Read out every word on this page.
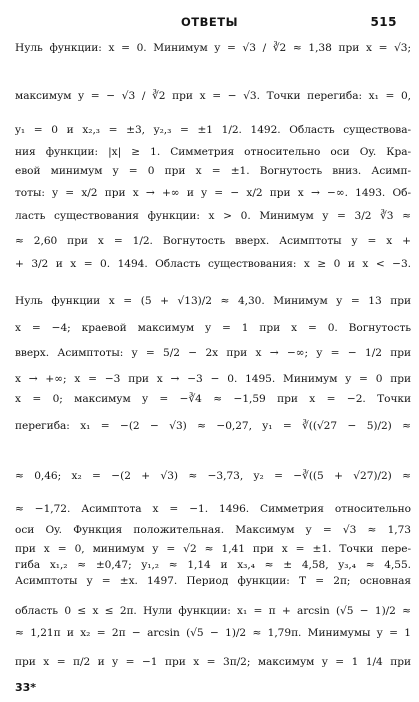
ОТВЕТЫ	515
Нуль функции: x = 0. Минимум y = √3 / ∛2 ≈ 1,38 при x = √3;
максимум y = − √3 / ∛2 при x = − √3. Точки перегиба: x₁ = 0,
y₁ = 0 и x₂,₃ = ±3, y₂,₃ = ±1 1/2. 1492. Область существова-
ния функции: |x| ≥ 1. Симметрия относительно оси Oy. Кра-
евой минимум y = 0 при x = ±1. Вогнутость вниз. Асимп-
тоты: y = x/2 при x → +∞ и y = − x/2 при x → −∞. 1493. Об-
ласть существования функции: x > 0. Минимум y = 3/2 ∛3 ≈
≈ 2,60 при x = 1/2. Вогнутость вверх. Асимптоты y = x +
+ 3/2 и x = 0. 1494. Область существования: x ≥ 0 и x < −3.
Нуль функции x = (5 + √13)/2 ≈ 4,30. Минимум y = 13 при
x = −4; краевой максимум y = 1 при x = 0. Вогнутость
вверх. Асимптоты: y = 5/2 − 2x при x → −∞; y = − 1/2 при
x → +∞; x = −3 при x → −3 − 0. 1495. Минимум y = 0 при
x = 0; максимум y = −∛4 ≈ −1,59 при x = −2. Точки
перегиба: x₁ = −(2 − √3) ≈ −0,27, y₁ = ∛((√27 − 5)/2) ≈
≈ 0,46; x₂ = −(2 + √3) ≈ −3,73, y₂ = −∛((5 + √27)/2) ≈
≈ −1,72. Асимптота x = −1. 1496. Симметрия относительно
оси Oy. Функция положительная. Максимум y = √3 ≈ 1,73
при x = 0, минимум y = √2 ≈ 1,41 при x = ±1. Точки пере-
гиба x₁,₂ ≈ ±0,47; y₁,₂ ≈ 1,14 и x₃,₄ ≈ ± 4,58, y₃,₄ ≈ 4,55.
Асимптоты y = ±x. 1497. Период функции: T = 2π; основная
область 0 ≤ x ≤ 2π. Нули функции: x₁ = π + arcsin (√5 − 1)/2 ≈
≈ 1,21π и x₂ = 2π − arcsin (√5 − 1)/2 ≈ 1,79π. Минимумы y = 1
при x = π/2 и y = −1 при x = 3π/2; максимум y = 1 1/4 при
33*
